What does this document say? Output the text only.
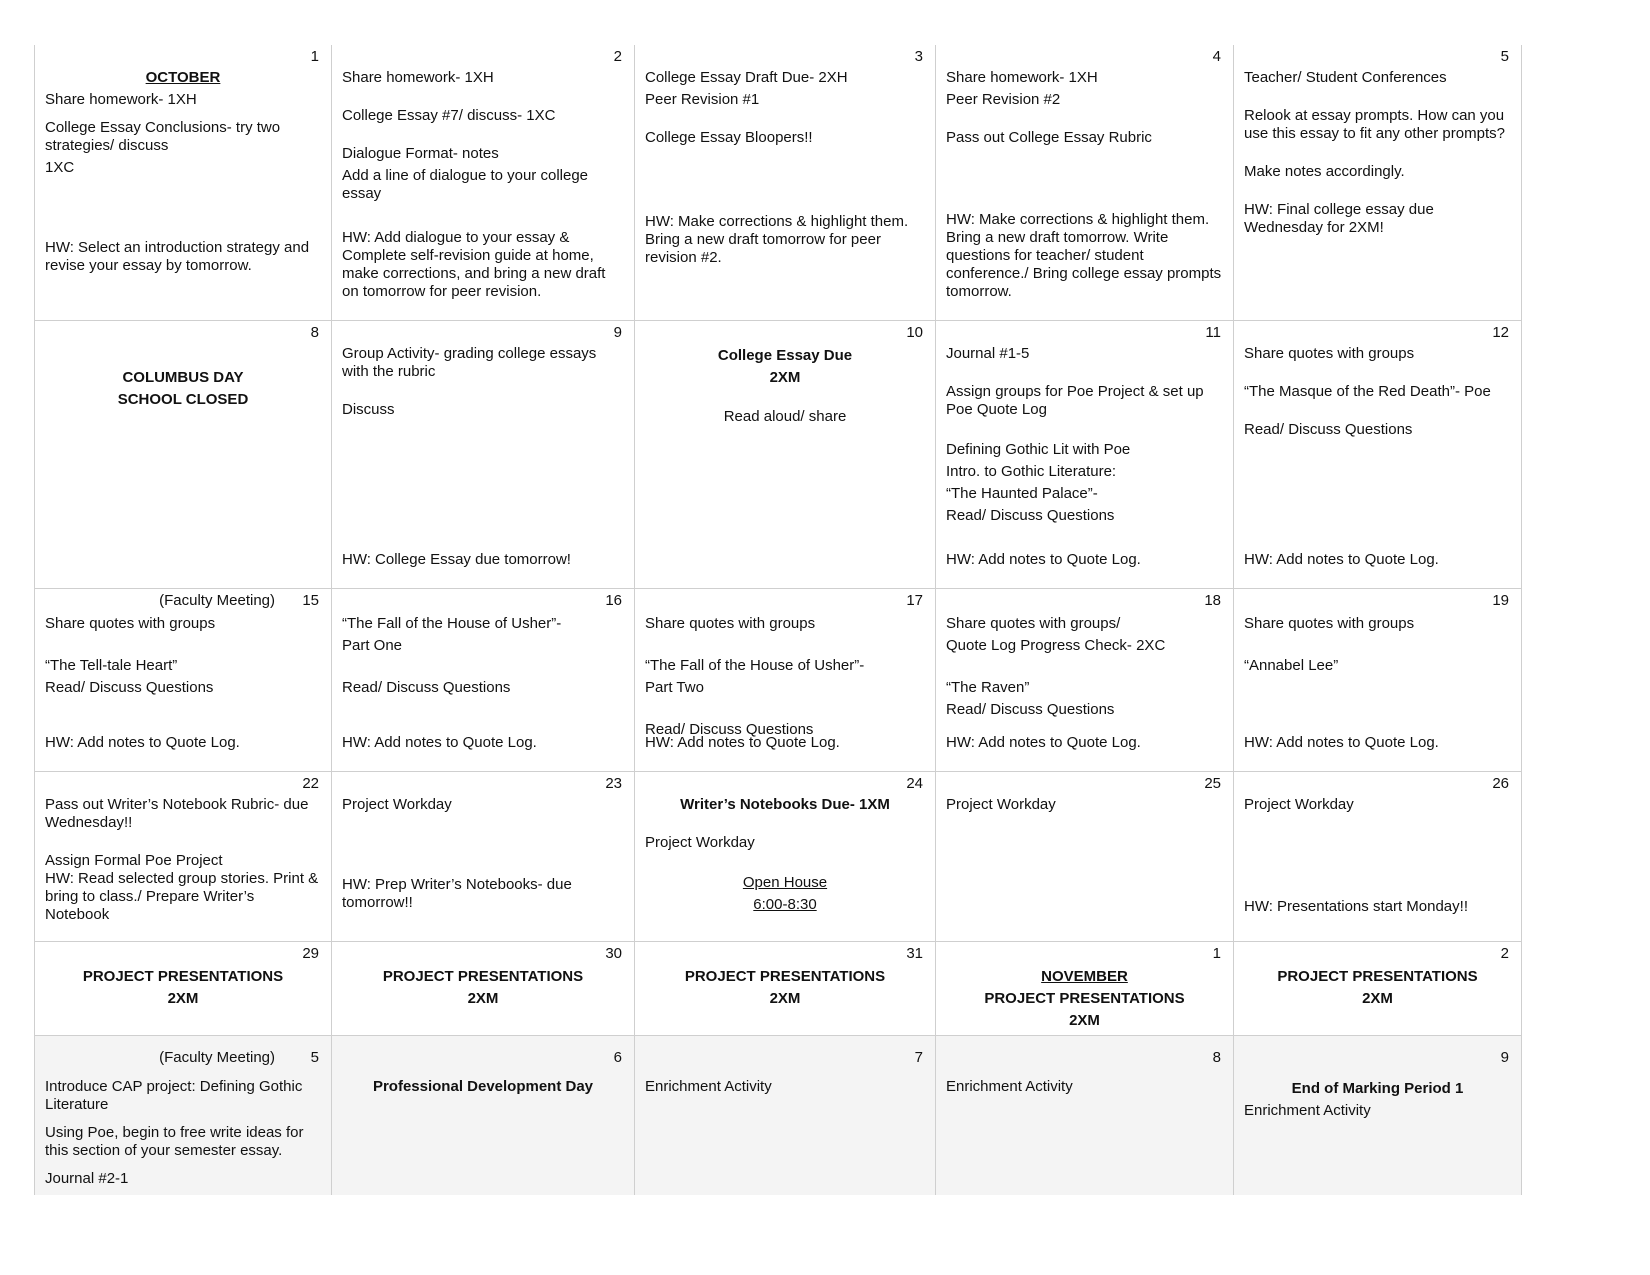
1

OCTOBER

Share homework- 1XH

College Essay Conclusions- try two strategies/ discuss

1XC

HW: Select an introduction strategy and revise your essay by tomorrow.

2

Share homework- 1XH

College Essay #7/ discuss- 1XC

Dialogue Format- notes

Add a line of dialogue to your college essay

HW: Add dialogue to your essay & Complete self-revision guide at home, make corrections, and bring a new draft on tomorrow for peer revision.

3

College Essay Draft Due- 2XH

Peer Revision #1

College Essay Bloopers!!

HW: Make corrections & highlight them. Bring a new draft tomorrow for peer revision #2.

4

Share homework- 1XH

Peer Revision #2

Pass out College Essay Rubric

HW: Make corrections & highlight them. Bring a new draft tomorrow. Write questions for teacher/ student conference./ Bring college essay prompts tomorrow.

5

Teacher/ Student Conferences

Relook at essay prompts. How can you use this essay to fit any other prompts?

Make notes accordingly.

HW: Final college essay due Wednesday for 2XM!

8

COLUMBUS DAY

SCHOOL CLOSED

9

Group Activity- grading college essays with the rubric

Discuss

HW: College Essay due tomorrow!

10

College Essay Due

2XM

Read aloud/ share

11

Journal #1-5

Assign groups for Poe Project & set up Poe Quote Log

Defining Gothic Lit with Poe

Intro. to Gothic Literature:

“The Haunted Palace”-

Read/ Discuss Questions

HW: Add notes to Quote Log.

12

Share quotes with groups

“The Masque of the Red Death”- Poe

Read/ Discuss Questions

HW: Add notes to Quote Log.

(Faculty Meeting) 15

Share quotes with groups

“The Tell-tale Heart”

Read/ Discuss Questions

HW: Add notes to Quote Log.

16

“The Fall of the House of Usher”-

Part One

Read/ Discuss Questions

HW: Add notes to Quote Log.

17

Share quotes with groups

“The Fall of the House of Usher”-

Part Two

Read/ Discuss Questions

HW: Add notes to Quote Log.

18

Share quotes with groups/

Quote Log Progress Check- 2XC

“The Raven”

Read/ Discuss Questions

HW: Add notes to Quote Log.

19

Share quotes with groups

“Annabel Lee”

HW: Add notes to Quote Log.

22

Pass out Writer’s Notebook Rubric- due Wednesday!!

Assign Formal Poe Project

HW: Read selected group stories. Print & bring to class./ Prepare Writer’s Notebook

23

Project Workday

HW: Prep Writer’s Notebooks- due tomorrow!!

24

Writer’s Notebooks Due- 1XM

Project Workday

Open House

6:00-8:30

25

Project Workday

26

Project Workday

HW: Presentations start Monday!!

29

PROJECT PRESENTATIONS

2XM

30

PROJECT PRESENTATIONS

2XM

31

PROJECT PRESENTATIONS

2XM

1

NOVEMBER

PROJECT PRESENTATIONS

2XM

2

PROJECT PRESENTATIONS

2XM

(Faculty Meeting) 5

Introduce CAP project: Defining Gothic Literature

Using Poe, begin to free write ideas for this section of your semester essay.

Journal #2-1

6

Professional Development Day

7

Enrichment Activity

8

Enrichment Activity

9

End of Marking Period 1

Enrichment Activity
